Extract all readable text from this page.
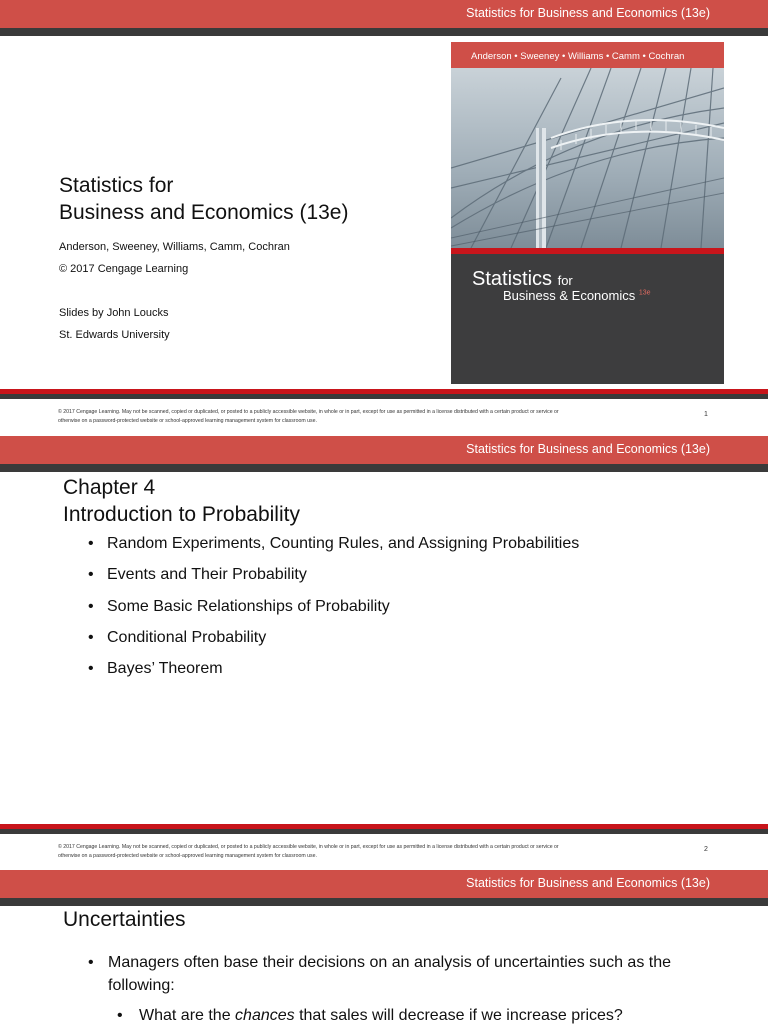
Statistics for Business and Economics (13e)
Statistics for
Business and Economics (13e)
Anderson, Sweeney, Williams, Camm, Cochran
© 2017 Cengage Learning
Slides by John Loucks
St. Edwards University
Anderson • Sweeney • Williams • Camm • Cochran
Statistics for
Business & Economics $^{13e}$
© 2017 Cengage Learning. May not be scanned, copied or duplicated, or posted to a publicly accessible website, in whole or in part, except for use as permitted in a license distributed with a certain product or service or
otherwise on a password-protected website or school-approved learning management system for classroom use.
1
Statistics for Business and Economics (13e)
Chapter 4
Introduction to Probability
• Random Experiments, Counting Rules, and Assigning Probabilities
• Events and Their Probability
• Some Basic Relationships of Probability
• Conditional Probability
• Bayes’ Theorem
© 2017 Cengage Learning. May not be scanned, copied or duplicated, or posted to a publicly accessible website, in whole or in part, except for use as permitted in a license distributed with a certain product or service or
otherwise on a password-protected website or school-approved learning management system for classroom use.
2
Statistics for Business and Economics (13e)
Uncertainties
• Managers often base their decisions on an analysis of uncertainties such as the following:
• What are the chances that sales will decrease if we increase prices?
